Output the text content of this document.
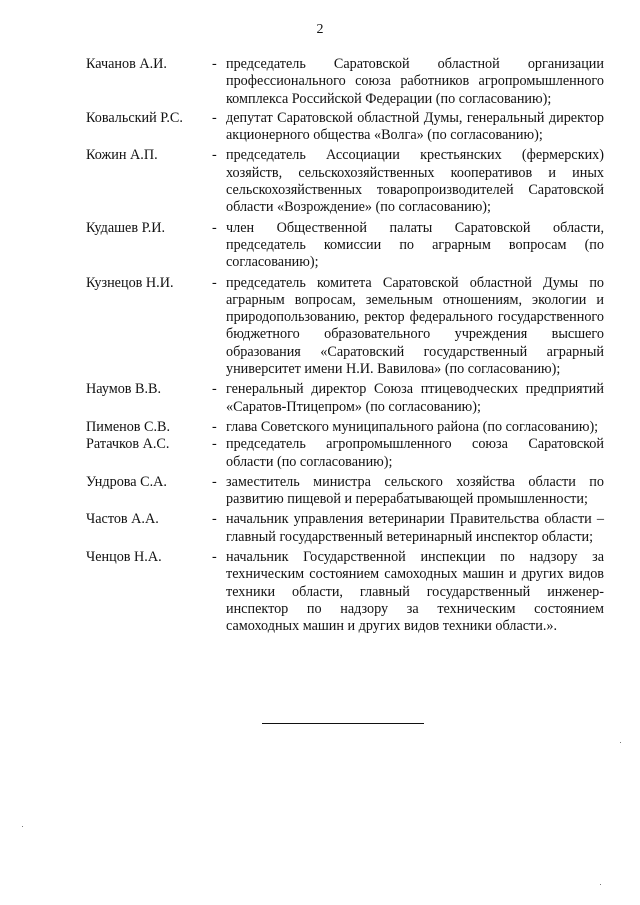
2
Качанов А.И.	- председатель Саратовской областной организации профессионального союза работников агропромышленного комплекса Российской Федерации (по согласованию);
Ковальский Р.С.	- депутат Саратовской областной Думы, генеральный директор акционерного общества «Волга» (по согласованию);
Кожин А.П.	- председатель Ассоциации крестьянских (фермерских) хозяйств, сельскохозяйственных кооперативов и иных сельскохозяйственных товаропроизводителей Саратовской области «Возрождение» (по согласованию);
Кудашев Р.И.	- член Общественной палаты Саратовской области, председатель комиссии по аграрным вопросам (по согласованию);
Кузнецов Н.И.	- председатель комитета Саратовской областной Думы по аграрным вопросам, земельным отношениям, экологии и природопользованию, ректор федерального государственного бюджетного образовательного учреждения высшего образования «Саратовский государственный аграрный университет имени Н.И. Вавилова» (по согласованию);
Наумов В.В.	- генеральный директор Союза птицеводческих предприятий «Саратов-Птицепром» (по согласованию);
Пименов С.В.	- глава Советского муниципального района (по согласованию);
Ратачков А.С.	- председатель агропромышленного союза Саратовской области (по согласованию);
Ундрова С.А.	- заместитель министра сельского хозяйства области по развитию пищевой и перерабатывающей промышленности;
Частов А.А.	- начальник управления ветеринарии Правительства области – главный государственный ветеринарный инспектор области;
Ченцов Н.А.	- начальник Государственной инспекции по надзору за техническим состоянием самоходных машин и других видов техники области, главный государственный инженер-инспектор по надзору за техническим состоянием самоходных машин и других видов техники области.».
